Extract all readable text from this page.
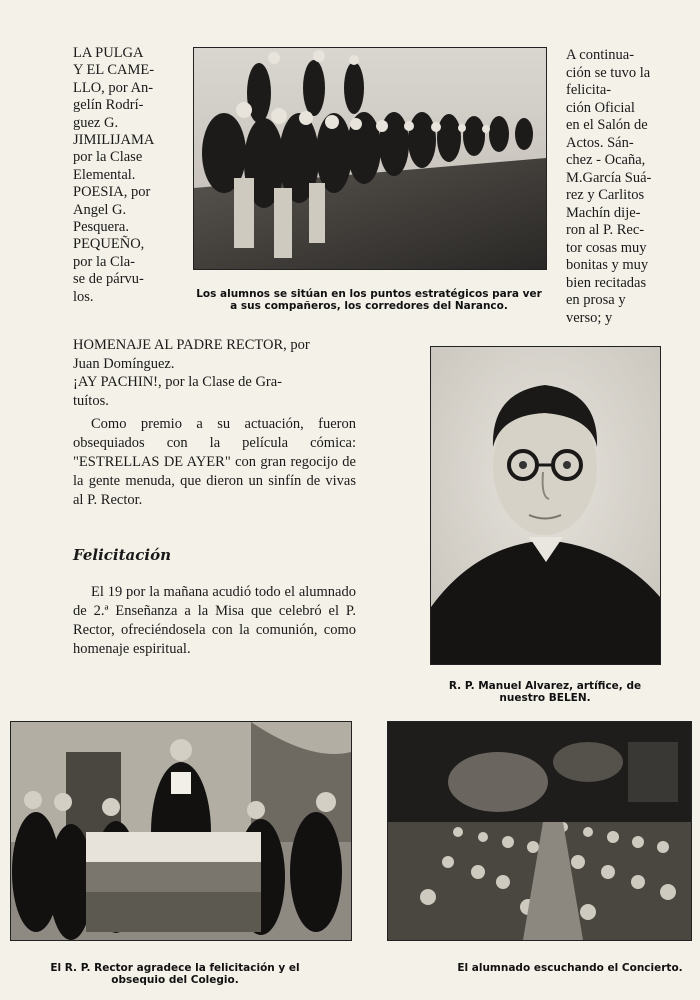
LA PULGA
Y EL CAME-
LLO, por An-
gelín Rodrí-
guez G.
JIMILIJAMA
por la Clase
Elemental.
POESIA, por
Angel G.
Pesquera.
PEQUEÑO,
por la Cla-
se de párvu-
los.	Los alumnos se sitúan en los puntos estratégicos para ver a sus compañeros, los corredores del Naranco.
A continua-
ción se tuvo la
felicita-
ción Oficial
en el Salón de
Actos. Sán-
chez - Ocaña,
M.García Suá-
rez y Carlitos
Machín dije-
ron al P. Rec-
tor cosas muy
bonitas y muy
bien recitadas
en prosa y
verso; y
HOMENAJE AL PADRE RECTOR, por
Juan Domínguez.
¡AY PACHIN!, por la Clase de Gra-
tuítos.
Como premio a su actuación, fueron obsequiados con la película cómica: "ESTRELLAS DE AYER" con gran regocijo de la gente menuda, que dieron un sinfín de vivas al P. Rector.
Felicitación
El 19 por la mañana acudió todo el alumnado de 2.ª Enseñanza a la Misa que celebró el P. Rector, ofreciéndosela con la comunión, como homenaje espiritual.
R. P. Manuel Alvarez, artífice, de
nuestro BELEN.
El R. P. Rector agradece la felicitación y el obsequio del Colegio.
El alumnado escuchando el Concierto.
